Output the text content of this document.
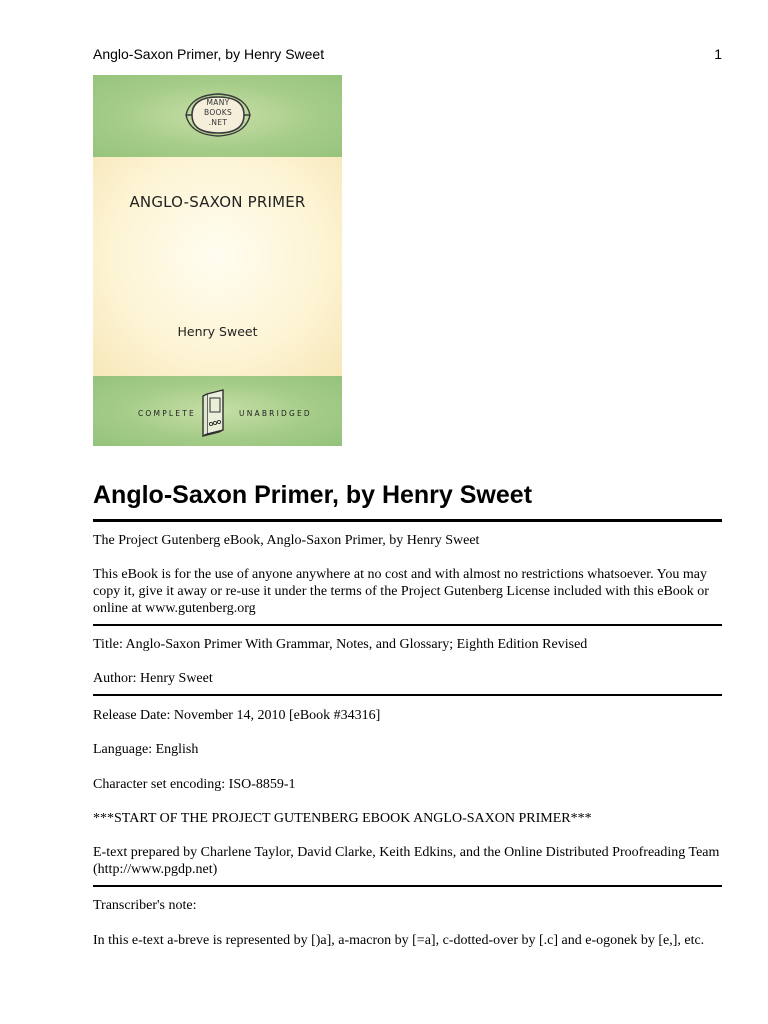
Anglo-Saxon Primer, by Henry Sweet	1
MANY
BOOKS
.NET
ANGLO-SAXON PRIMER
Henry Sweet
COMPLETE	UNABRIDGED
Anglo-Saxon Primer, by Henry Sweet

The Project Gutenberg eBook, Anglo-Saxon Primer, by Henry Sweet

This eBook is for the use of anyone anywhere at no cost and with almost no restrictions whatsoever. You may copy it, give it away or re-use it under the terms of the Project Gutenberg License included with this eBook or online at www.gutenberg.org

Title: Anglo-Saxon Primer With Grammar, Notes, and Glossary; Eighth Edition Revised

Author: Henry Sweet

Release Date: November 14, 2010 [eBook #34316]

Language: English

Character set encoding: ISO-8859-1

***START OF THE PROJECT GUTENBERG EBOOK ANGLO-SAXON PRIMER***

E-text prepared by Charlene Taylor, David Clarke, Keith Edkins, and the Online Distributed Proofreading Team (http://www.pgdp.net)

Transcriber's note:

In this e-text a-breve is represented by [)a], a-macron by [=a], c-dotted-over by [.c] and e-ogonek by [e,], etc.
